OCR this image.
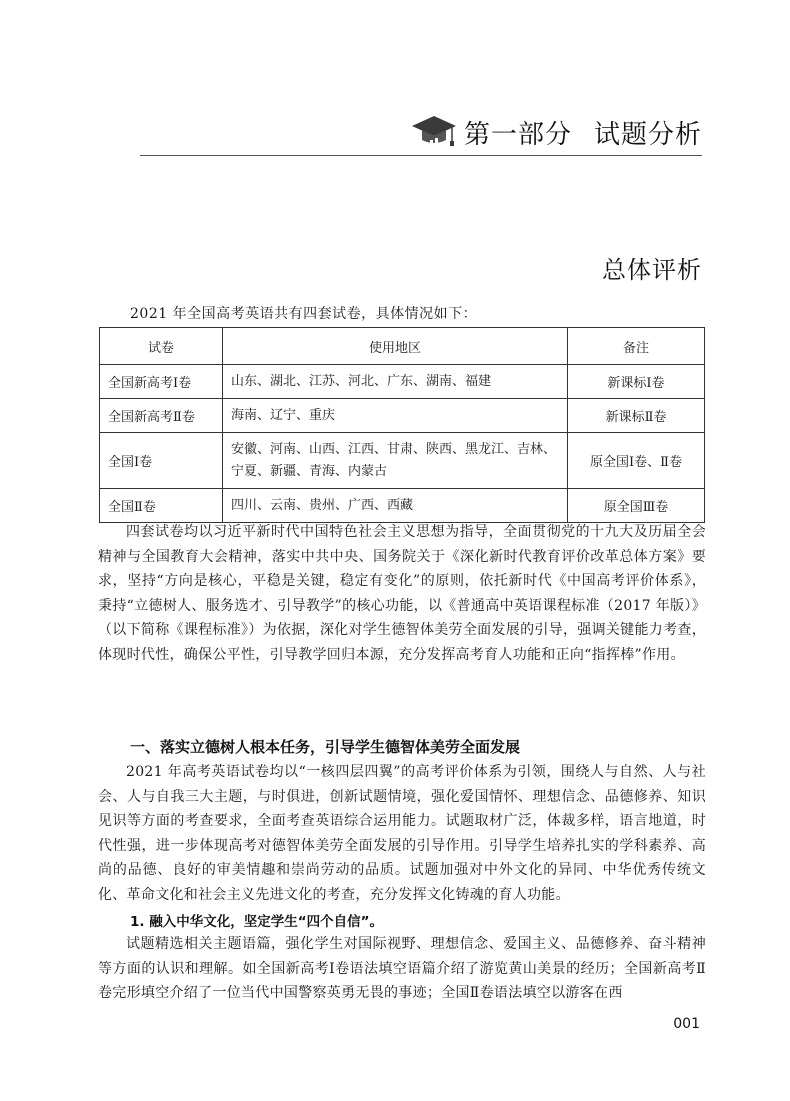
第一部分 试题分析
总体评析
2021 年全国高考英语共有四套试卷，具体情况如下：
试卷	使用地区	备注
全国新高考Ⅰ卷	山东、湖北、江苏、河北、广东、湖南、福建	新课标Ⅰ卷
全国新高考Ⅱ卷	海南、辽宁、重庆	新课标Ⅱ卷
全国Ⅰ卷	安徽、河南、山西、江西、甘肃、陕西、黑龙江、吉林、宁夏、新疆、青海、内蒙古	原全国Ⅰ卷、Ⅱ卷
全国Ⅱ卷	四川、云南、贵州、广西、西藏	原全国Ⅲ卷
四套试卷均以习近平新时代中国特色社会主义思想为指导，全面贯彻党的十九大及历届全会精神与全国教育大会精神，落实中共中央、国务院关于《深化新时代教育评价改革总体方案》要求，坚持“方向是核心，平稳是关键，稳定有变化”的原则，依托新时代《中国高考评价体系》，秉持“立德树人、服务选才、引导教学”的核心功能，以《普通高中英语课程标准（2017 年版）》（以下简称《课程标准》）为依据，深化对学生德智体美劳全面发展的引导，强调关键能力考查，体现时代性，确保公平性，引导教学回归本源，充分发挥高考育人功能和正向“指挥棒”作用。
一、落实立德树人根本任务，引导学生德智体美劳全面发展
2021 年高考英语试卷均以“一核四层四翼”的高考评价体系为引领，围绕人与自然、人与社会、人与自我三大主题，与时俱进，创新试题情境，强化爱国情怀、理想信念、品德修养、知识见识等方面的考查要求，全面考查英语综合运用能力。试题取材广泛，体裁多样，语言地道，时代性强，进一步体现高考对德智体美劳全面发展的引导作用。引导学生培养扎实的学科素养、高尚的品德、良好的审美情趣和崇尚劳动的品质。试题加强对中外文化的异同、中华优秀传统文化、革命文化和社会主义先进文化的考查，充分发挥文化铸魂的育人功能。
1. 融入中华文化，坚定学生“四个自信”。
试题精选相关主题语篇，强化学生对国际视野、理想信念、爱国主义、品德修养、奋斗精神等方面的认识和理解。如全国新高考Ⅰ卷语法填空语篇介绍了游览黄山美景的经历；全国新高考Ⅱ卷完形填空介绍了一位当代中国警察英勇无畏的事迹；全国Ⅱ卷语法填空以游客在西
001
